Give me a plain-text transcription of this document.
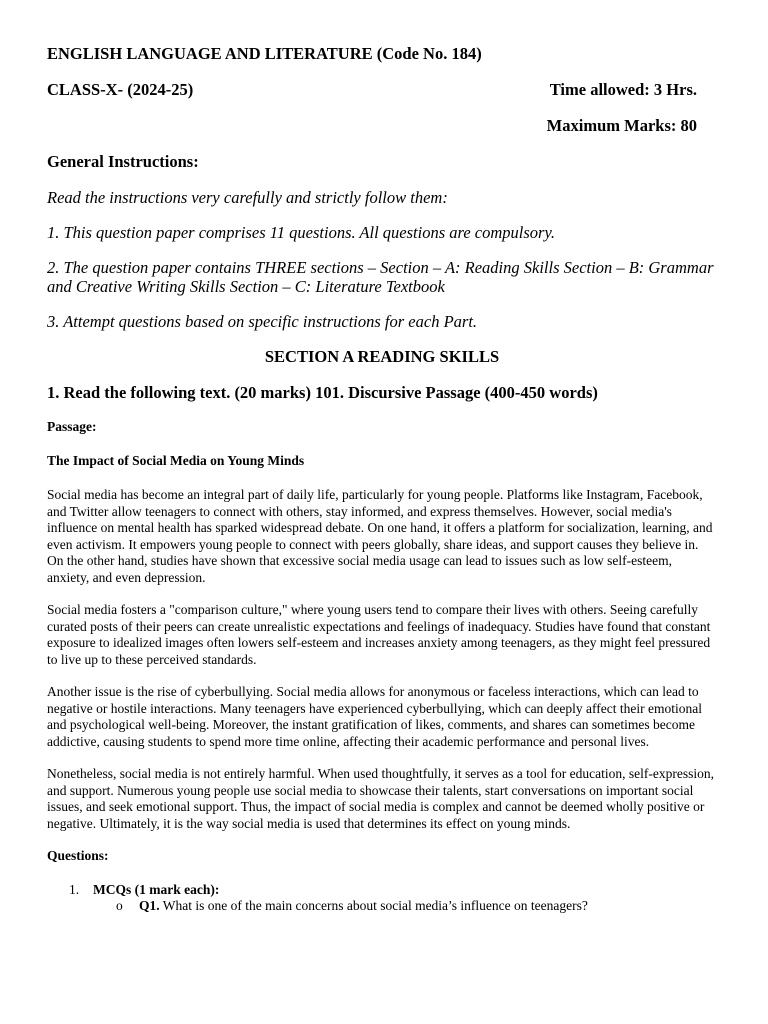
ENGLISH LANGUAGE AND LITERATURE (Code No. 184)

CLASS-X- (2024-25)	Time allowed: 3 Hrs.

Maximum Marks: 80

General Instructions:

Read the instructions very carefully and strictly follow them:

1. This question paper comprises 11 questions. All questions are compulsory.

2. The question paper contains THREE sections – Section – A: Reading Skills Section – B: Grammar and Creative Writing Skills Section – C: Literature Textbook

3. Attempt questions based on specific instructions for each Part.

SECTION A READING SKILLS

1. Read the following text. (20 marks) 101. Discursive Passage (400-450 words)

Passage:

The Impact of Social Media on Young Minds

Social media has become an integral part of daily life, particularly for young people. Platforms like Instagram, Facebook, and Twitter allow teenagers to connect with others, stay informed, and express themselves. However, social media's influence on mental health has sparked widespread debate. On one hand, it offers a platform for socialization, learning, and even activism. It empowers young people to connect with peers globally, share ideas, and support causes they believe in. On the other hand, studies have shown that excessive social media usage can lead to issues such as low self-esteem, anxiety, and even depression.

Social media fosters a "comparison culture," where young users tend to compare their lives with others. Seeing carefully curated posts of their peers can create unrealistic expectations and feelings of inadequacy. Studies have found that constant exposure to idealized images often lowers self-esteem and increases anxiety among teenagers, as they might feel pressured to live up to these perceived standards.

Another issue is the rise of cyberbullying. Social media allows for anonymous or faceless interactions, which can lead to negative or hostile interactions. Many teenagers have experienced cyberbullying, which can deeply affect their emotional and psychological well-being. Moreover, the instant gratification of likes, comments, and shares can sometimes become addictive, causing students to spend more time online, affecting their academic performance and personal lives.

Nonetheless, social media is not entirely harmful. When used thoughtfully, it serves as a tool for education, self-expression, and support. Numerous young people use social media to showcase their talents, start conversations on important social issues, and seek emotional support. Thus, the impact of social media is complex and cannot be deemed wholly positive or negative. Ultimately, it is the way social media is used that determines its effect on young minds.

Questions:

1. MCQs (1 mark each):
o Q1. What is one of the main concerns about social media’s influence on teenagers?
